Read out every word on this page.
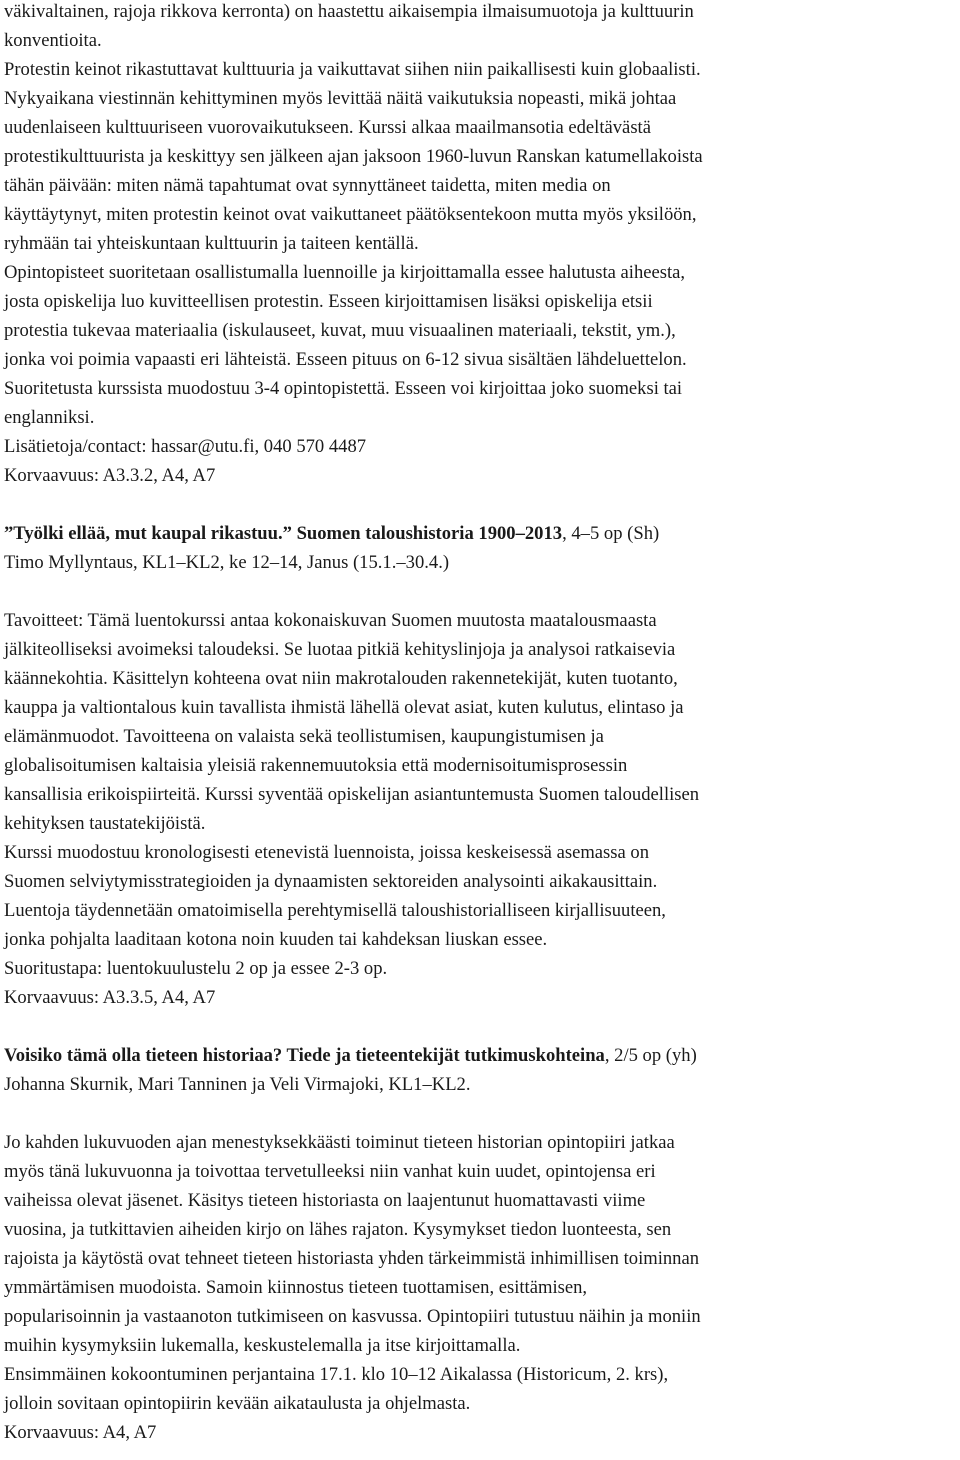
väkivaltainen, rajoja rikkova kerronta) on haastettu aikaisempia ilmaisumuotoja ja kulttuurin
konventioita.
Protestin keinot rikastuttavat kulttuuria ja vaikuttavat siihen niin paikallisesti kuin globaalisti.
Nykyaikana viestinnän kehittyminen myös levittää näitä vaikutuksia nopeasti, mikä johtaa
uudenlaiseen kulttuuriseen vuorovaikutukseen. Kurssi alkaa maailmansotia edeltävästä
protestikulttuurista ja keskittyy sen jälkeen ajan jaksoon 1960-luvun Ranskan katumellakoista
tähän päivään: miten nämä tapahtumat ovat synnyttäneet taidetta, miten media on
käyttäytynyt, miten protestin keinot ovat vaikuttaneet päätöksentekoon mutta myös yksilöön,
ryhmään tai yhteiskuntaan kulttuurin ja taiteen kentällä.
Opintopisteet suoritetaan osallistumalla luennoille ja kirjoittamalla essee halutusta aiheesta,
josta opiskelija luo kuvitteellisen protestin. Esseen kirjoittamisen lisäksi opiskelija etsii
protestia tukevaa materiaalia (iskulauseet, kuvat, muu visuaalinen materiaali, tekstit, ym.),
jonka voi poimia vapaasti eri lähteistä. Esseen pituus on 6-12 sivua sisältäen lähdeluettelon.
Suoritetusta kurssista muodostuu 3-4 opintopistettä. Esseen voi kirjoittaa joko suomeksi tai
englanniksi.
Lisätietoja/contact: hassar@utu.fi, 040 570 4487
Korvaavuus: A3.3.2, A4, A7
”Työlki ellää, mut kaupal rikastuu.” Suomen taloushistoria 1900–2013, 4–5 op (Sh)
Timo Myllyntaus, KL1–KL2, ke 12–14, Janus (15.1.–30.4.)
Tavoitteet: Tämä luentokurssi antaa kokonaiskuvan Suomen muutosta maatalousmaasta
jälkiteolliseksi avoimeksi taloudeksi. Se luotaa pitkiä kehityslinjoja ja analysoi ratkaisevia
käännekohtia. Käsittelyn kohteena ovat niin makrotalouden rakennetekijät, kuten tuotanto,
kauppa ja valtiontalous kuin tavallista ihmistä lähellä olevat asiat, kuten kulutus, elintaso ja
elämänmuodot. Tavoitteena on valaista sekä teollistumisen, kaupungistumisen ja
globalisoitumisen kaltaisia yleisiä rakennemuutoksia että modernisoitumisprosessin
kansallisia erikoispiirteitä. Kurssi syventää opiskelijan asiantuntemusta Suomen taloudellisen
kehityksen taustatekijöistä.
Kurssi muodostuu kronologisesti etenevistä luennoista, joissa keskeisessä asemassa on
Suomen selviytymisstrategioiden ja dynaamisten sektoreiden analysointi aikakausittain.
Luentoja täydennetään omatoimisella perehtymisellä taloushistorialliseen kirjallisuuteen,
jonka pohjalta laaditaan kotona noin kuuden tai kahdeksan liuskan essee.
Suoritustapa: luentokuulustelu 2 op ja essee 2-3 op.
Korvaavuus: A3.3.5, A4, A7
Voisiko tämä olla tieteen historiaa? Tiede ja tieteentekijät tutkimuskohteina, 2/5 op (yh)
Johanna Skurnik, Mari Tanninen ja Veli Virmajoki, KL1–KL2.
Jo kahden lukuvuoden ajan menestyksekkäästi toiminut tieteen historian opintopiiri jatkaa
myös tänä lukuvuonna ja toivottaa tervetulleeksi niin vanhat kuin uudet, opintojensa eri
vaiheissa olevat jäsenet. Käsitys tieteen historiasta on laajentunut huomattavasti viime
vuosina, ja tutkittavien aiheiden kirjo on lähes rajaton. Kysymykset tiedon luonteesta, sen
rajoista ja käytöstä ovat tehneet tieteen historiasta yhden tärkeimmistä inhimillisen toiminnan
ymmärtämisen muodoista. Samoin kiinnostus tieteen tuottamisen, esittämisen,
popularisoinnin ja vastaanoton tutkimiseen on kasvussa. Opintopiiri tutustuu näihin ja moniin
muihin kysymyksiin lukemalla, keskustelemalla ja itse kirjoittamalla.
Ensimmäinen kokoontuminen perjantaina 17.1. klo 10–12 Aikalassa (Historicum, 2. krs),
jolloin sovitaan opintopiirin kevään aikataulusta ja ohjelmasta.
Korvaavuus: A4, A7
